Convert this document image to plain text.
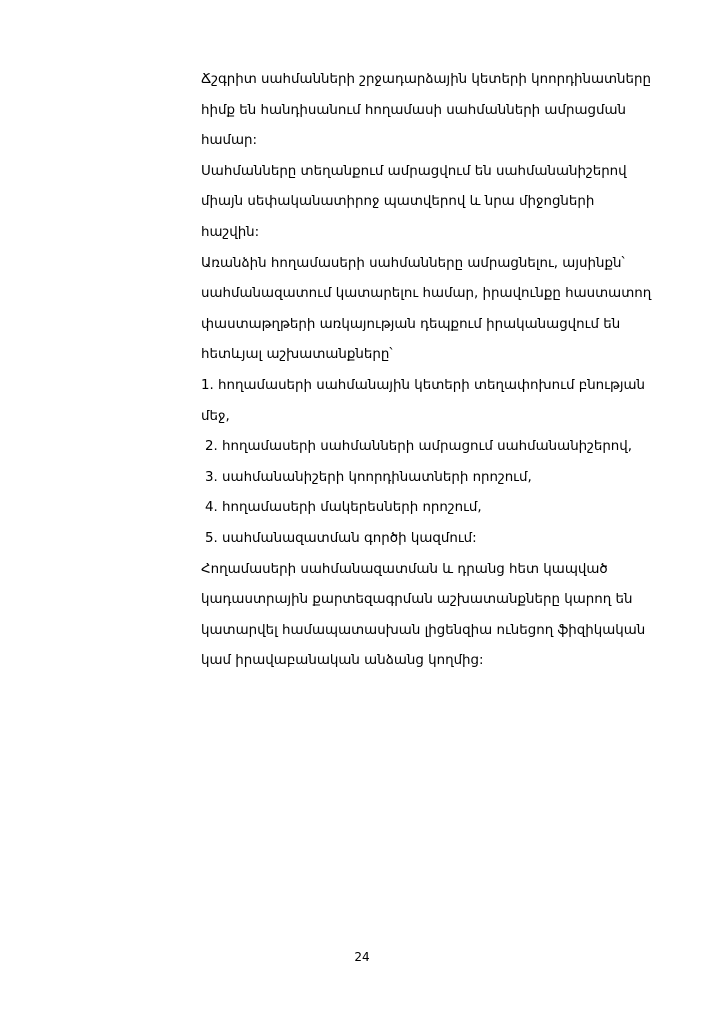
Ճշգրիտ սահմանների շրջադարձային կետերի կոորդինատները
հիմք են հանդիսանում հողամասի սահմանների ամրացման
համար:
Սահմանները տեղանքում ամրացվում են սահմանանիշերով
միայն սեփականատիրոջ պատվերով և նրա միջոցների
հաշվին:
Առանձին հողամասերի սահմանները ամրացնելու, այսինքն՝
սահմանազատում կատարելու համար, իրավունքը հաստատող
փաստաթղթերի առկայության դեպքում իրականացվում են
հետևյալ աշխատանքները՝
1. հողամասերի սահմանային կետերի տեղափոխում բնության
մեջ,
2. հողամասերի սահմանների ամրացում սահմանանիշերով,
3. սահմանանիշերի կոորդինատների որոշում,
4. հողամասերի մակերեսների որոշում,
5. սահմանազատման գործի կազմում:
Հողամասերի սահմանազատման և դրանց հետ կապված
կադաստրային քարտեզագրման աշխատանքները կարող են
կատարվել համապատասխան լիցենզիա ունեցող ֆիզիկական
կամ իրավաբանական անձանց կողմից:
24
